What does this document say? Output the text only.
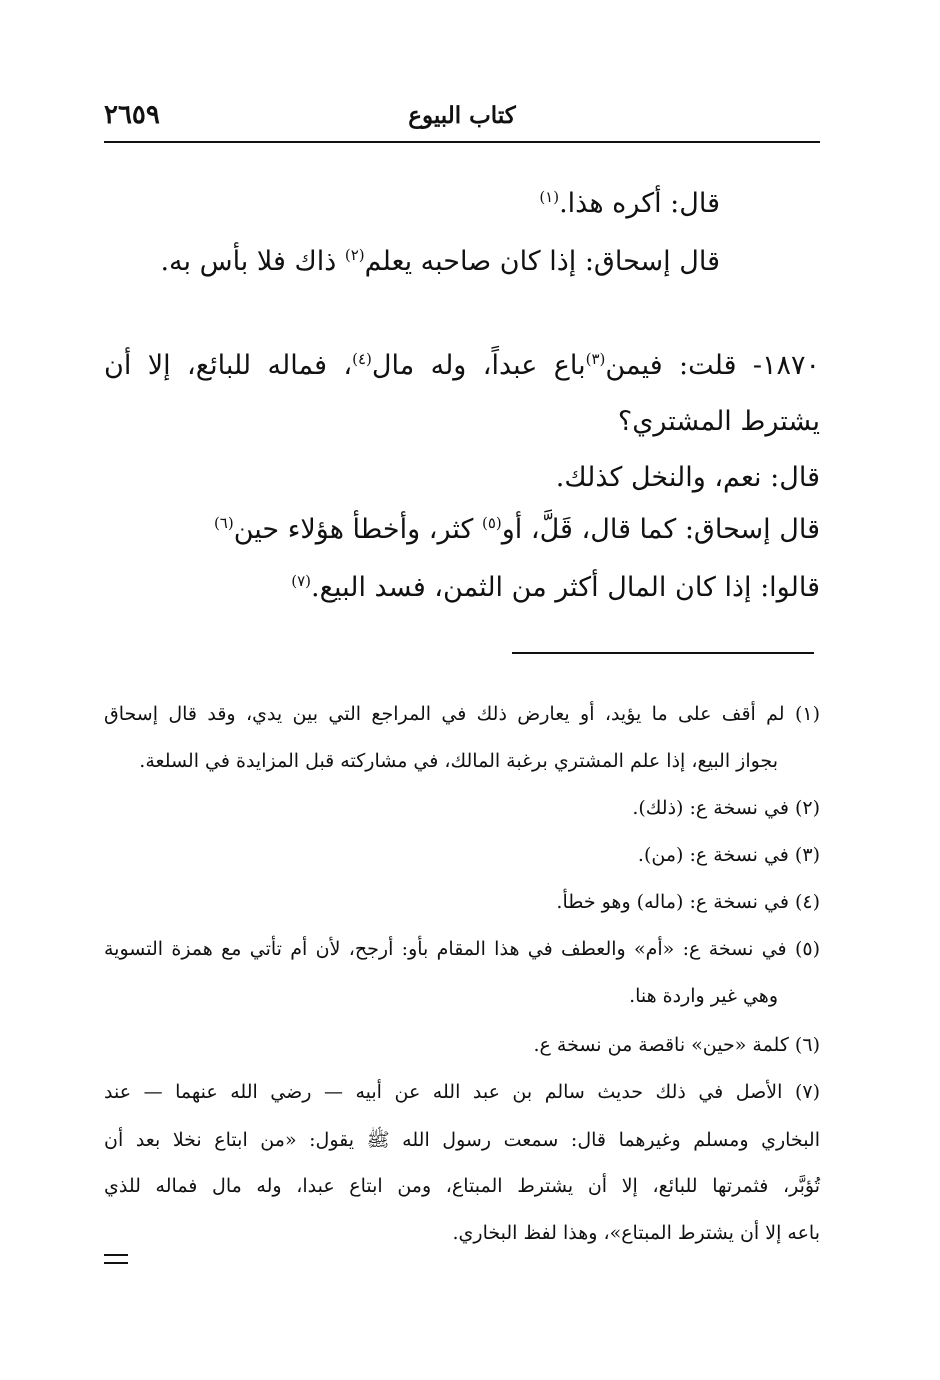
٢٦٥٩	كتاب البيوع
قال: أكره هذا.$^{(١)}$
قال إسحاق: إذا كان صاحبه يعلم$^{(٢)}$ ذاك فلا بأس به.
١٨٧٠- قلت: فيمن$^{(٣)}$باع عبداً، وله مال$^{(٤)}$، فماله للبائع، إلا أن
يشترط المشتري؟
قال: نعم، والنخل كذلك.
قال إسحاق: كما قال، قَلَّ، أو$^{(٥)}$ كثر، وأخطأ هؤلاء حين$^{(٦)}$
قالوا: إذا كان المال أكثر من الثمن، فسد البيع.$^{(٧)}$
(١) لم أقف على ما يؤيد، أو يعارض ذلك في المراجع التي بين يدي، وقد قال إسحاق
بجواز البيع، إذا علم المشتري برغبة المالك، في مشاركته قبل المزايدة في السلعة.
(٢) في نسخة ع: (ذلك).
(٣) في نسخة ع: (من).
(٤) في نسخة ع: (ماله) وهو خطأ.
(٥) في نسخة ع: «أم» والعطف في هذا المقام بأو: أرجح، لأن أم تأتي مع همزة التسوية
وهي غير واردة هنا.
(٦) كلمة «حين» ناقصة من نسخة ع.
(٧) الأصل في ذلك حديث سالم بن عبد الله عن أبيه — رضي الله عنهما — عند
البخاري ومسلم وغيرهما قال: سمعت رسول الله ﷺ يقول: «من ابتاع نخلا بعد أن
تُؤبَّر، فثمرتها للبائع، إلا أن يشترط المبتاع، ومن ابتاع عبدا، وله مال فماله للذي
باعه إلا أن يشترط المبتاع»، وهذا لفظ البخاري.
